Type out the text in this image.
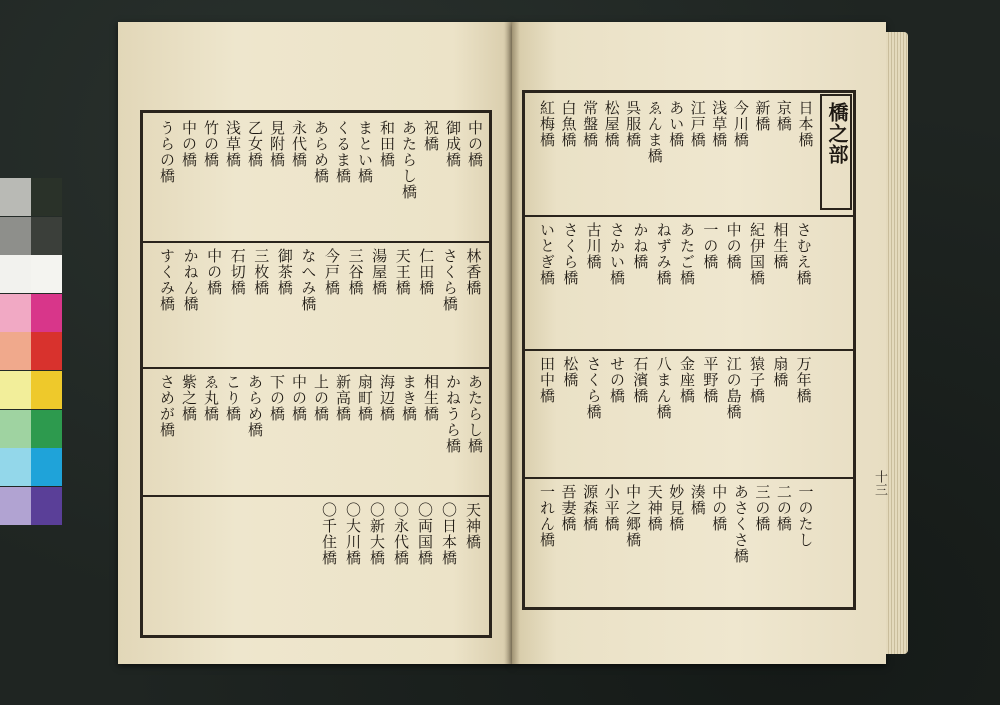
中の橋
御成橋
祝橋
あたらし橋
和田橋
まとい橋
くるま橋
あらめ橋
永代橋
見附橋
乙女橋
浅草橋
竹の橋
中の橋
うらの橋
林香橋
さくら橋
仁田橋
天王橋
湯屋橋
三谷橋
今戸橋
なへみ橋
御茶橋
三枚橋
石切橋
中の橋
かねん橋
すくみ橋
あたらし橋
かねうら橋
相生橋
まき橋
海辺橋
扇町橋
新高橋
上の橋
中の橋
下の橋
あらめ橋
こり橋
ゑ丸橋
紫之橋
さめが橋
天神橋
〇日本橋
〇両国橋
〇永代橋
〇新大橋
〇大川橋
〇千住橋
橋之部
日本橋
京橋
新橋
今川橋
浅草橋
江戸橋
あい橋
ゑんま橋
呉服橋
松屋橋
常盤橋
白魚橋
紅梅橋
さむえ橋
相生橋
紀伊国橋
中の橋
一の橋
あたご橋
ねずみ橋
かね橋
さかい橋
古川橋
さくら橋
いとぎ橋
万年橋
扇橋
猿子橋
江の島橋
平野橋
金座橋
八まん橋
石濱橋
せの橋
さくら橋
松橋
田中橋
一のたし
二の橋
三の橋
あさくさ橋
中の橋
湊橋
妙見橋
天神橋
中之郷橋
小平橋
源森橋
吾妻橋
一れん橋
十三
